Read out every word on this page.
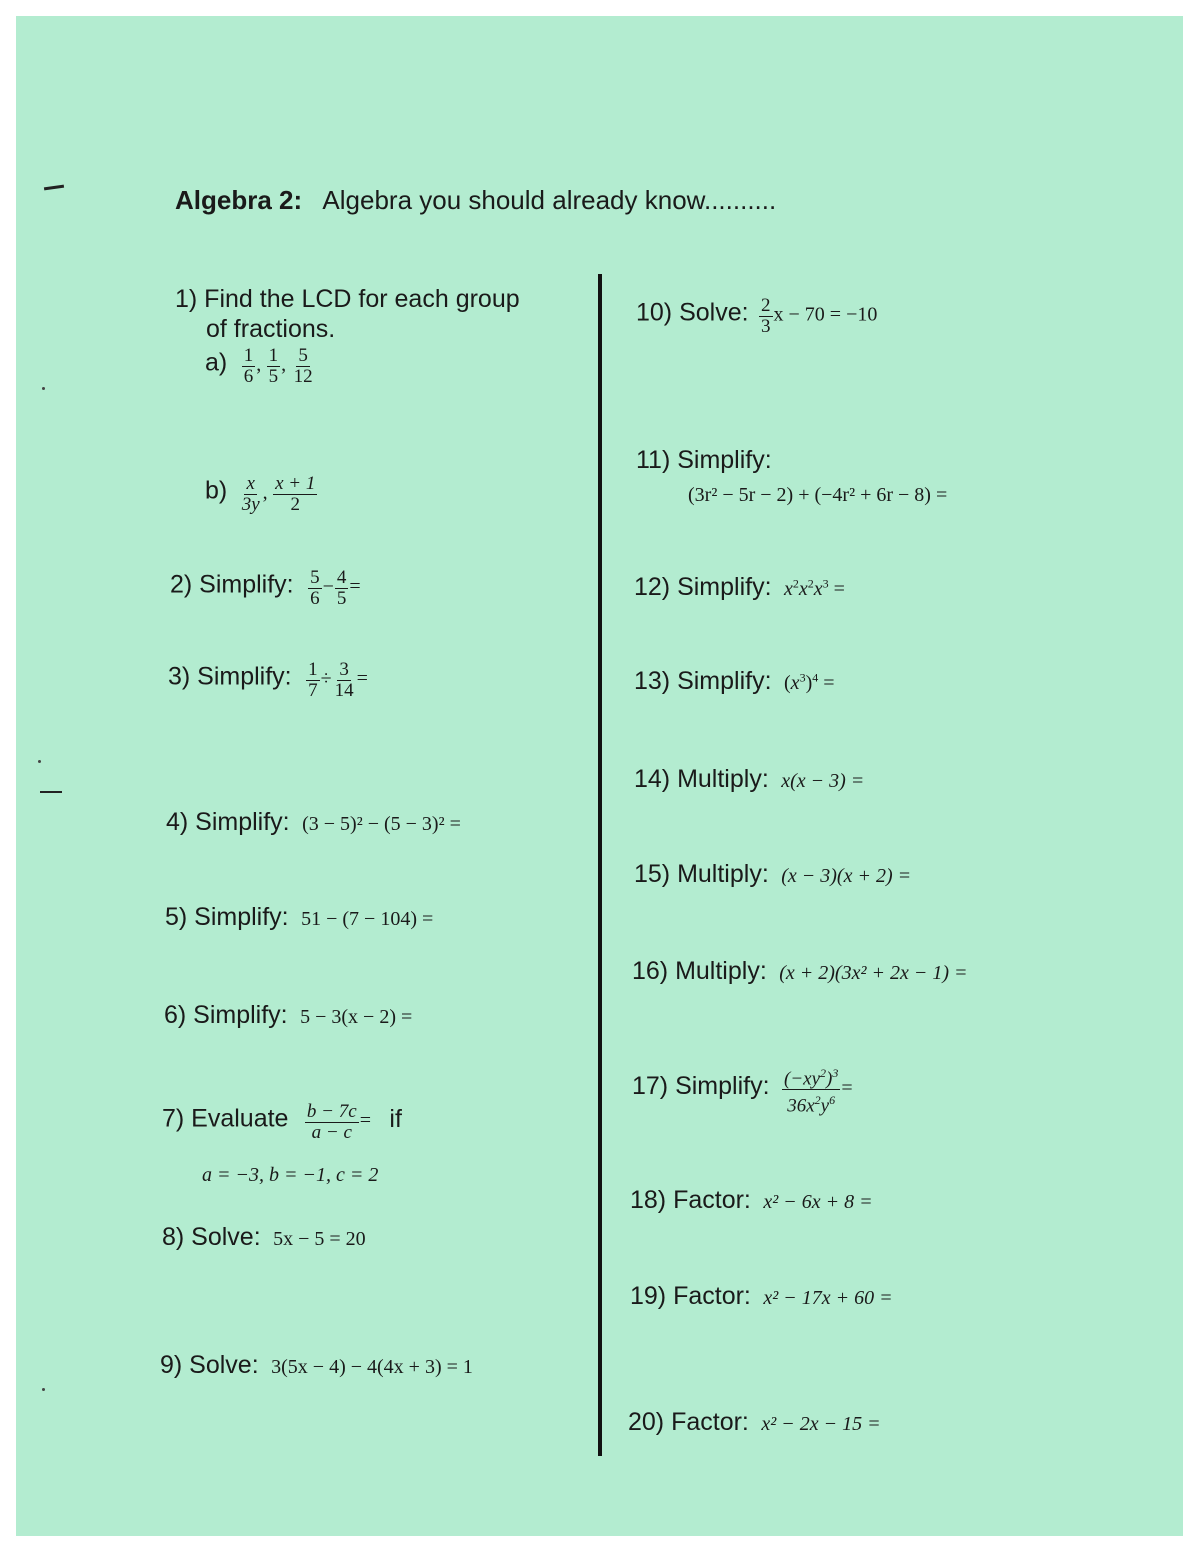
Algebra 2: Algebra you should already know..........
1) Find the LCD for each group
of fractions.
$a) \frac{1}{6}$ , $\frac{1}{5}$ , $\frac{5}{12}$
$b) \frac{x}{3y}$ , $\frac{x + 1}{2}$
2) Simplify: $\frac{5}{6} - \frac{4}{5}$ =
3) Simplify: $\frac{1}{7} \div \frac{3}{14}$ =
4) Simplify: (3 − 5)² − (5 − 3)² =
5) Simplify: 51 − (7 − 104) =
6) Simplify: 5 − 3(x − 2) =
7) Evaluate $\frac{b - 7c}{a - c}$ = if
a = −3, b = −1, c = 2
8) Solve: 5x − 5 = 20
9) Solve: 3(5x − 4) − 4(4x + 3) = 1
10) Solve: $\frac{2}{3}$ x − 70 = −10
11) Simplify:
(3r² − 5r − 2) + (−4r² + 6r − 8) =
12) Simplify: $x^2x^2x^3$ =
13) Simplify: $(x^3)^4$ =
14) Multiply: x(x − 3) =
15) Multiply: (x − 3)(x + 2) =
16) Multiply: (x + 2)(3x² + 2x − 1) =
17) Simplify: $\frac{(-xy^2)^3}{36x^2y^6}$ =
18) Factor: x² − 6x + 8 =
19) Factor: x² − 17x + 60 =
20) Factor: x² − 2x − 15 =
